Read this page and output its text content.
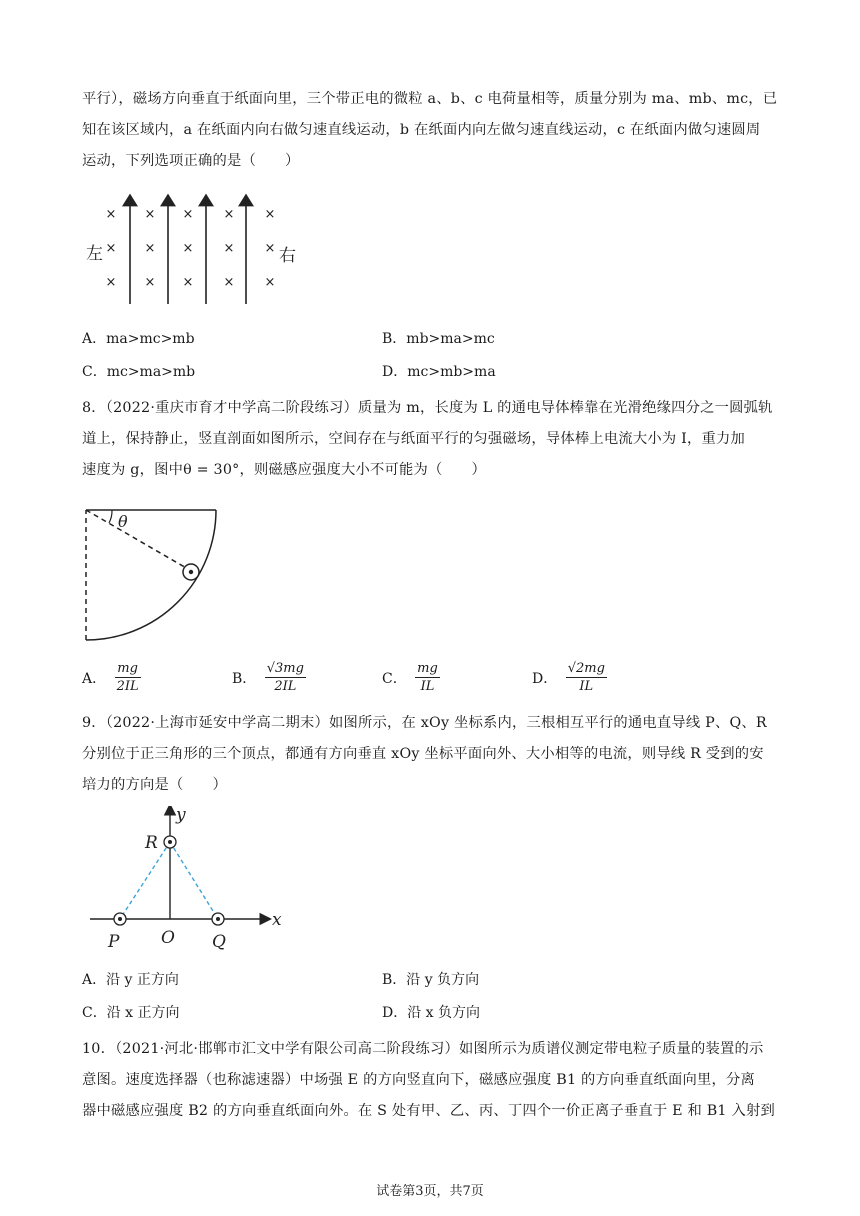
平行），磁场方向垂直于纸面向里，三个带正电的微粒 a、b、c 电荷量相等，质量分别为 ma、mb、mc，已

知在该区域内，a 在纸面内向右做匀速直线运动，b 在纸面内向左做匀速直线运动，c 在纸面内做匀速圆周

运动，下列选项正确的是（　　）

× × × × ×
× × × × ×
× × × × ×
左	右
A．ma>mc>mb	B．mb>ma>mc
C．mc>ma>mb	D．mc>mb>ma

8．（2022·重庆市育才中学高二阶段练习）质量为 m，长度为 L 的通电导体棒靠在光滑绝缘四分之一圆弧轨

道上，保持静止，竖直剖面如图所示，空间存在与纸面平行的匀强磁场，导体棒上电流大小为 I，重力加

速度为 g，图中θ = 30°，则磁感应强度大小不可能为（　　）

θ
A． $\frac{mg}{2IL}$	B． $\frac{√3mg}{2IL}$	C． $\frac{mg}{IL}$	D． $\frac{√2mg}{IL}$

9．（2022·上海市延安中学高二期末）如图所示，在 xOy 坐标系内，三根相互平行的通电直导线 P、Q、R

分别位于正三角形的三个顶点，都通有方向垂直 xOy 坐标平面向外、大小相等的电流，则导线 R 受到的安

培力的方向是（　　）

y
x
R
P O Q
A．沿 y 正方向	B．沿 y 负方向
C．沿 x 正方向	D．沿 x 负方向

10．（2021·河北·邯郸市汇文中学有限公司高二阶段练习）如图所示为质谱仪测定带电粒子质量的装置的示

意图。速度选择器（也称滤速器）中场强 E 的方向竖直向下，磁感应强度 B1 的方向垂直纸面向里，分离

器中磁感应强度 B2 的方向垂直纸面向外。在 S 处有甲、乙、丙、丁四个一价正离子垂直于 E 和 B1 入射到

试卷第3页，共7页
